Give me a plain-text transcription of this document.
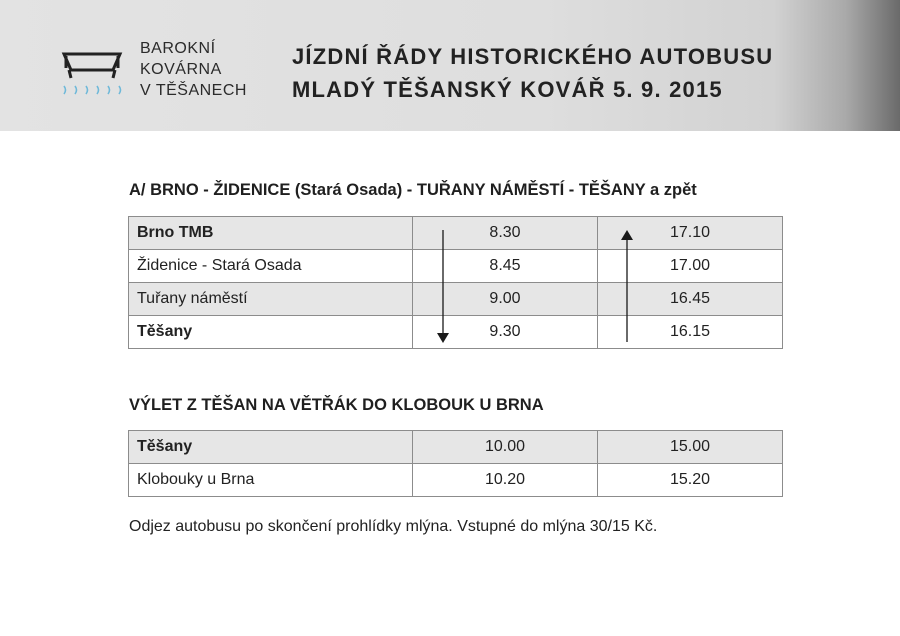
BAROKNÍ
KOVÁRNA
V TĚŠANECH
JÍZDNÍ ŘÁDY HISTORICKÉHO AUTOBUSU
MLADÝ TĚŠANSKÝ KOVÁŘ 5. 9. 2015
A/ BRNO - ŽIDENICE (Stará Osada) - TUŘANY NÁMĚSTÍ - TĚŠANY a zpět
Brno TMB	8.30	17.10
Židenice - Stará Osada	8.45	17.00
Tuřany náměstí	9.00	16.45
Těšany	9.30	16.15
VÝLET Z TĚŠAN NA VĚTŘÁK DO KLOBOUK U BRNA
Těšany	10.00	15.00
Klobouky u Brna	10.20	15.20
Odjez autobusu po skončení prohlídky mlýna. Vstupné do mlýna 30/15 Kč.
